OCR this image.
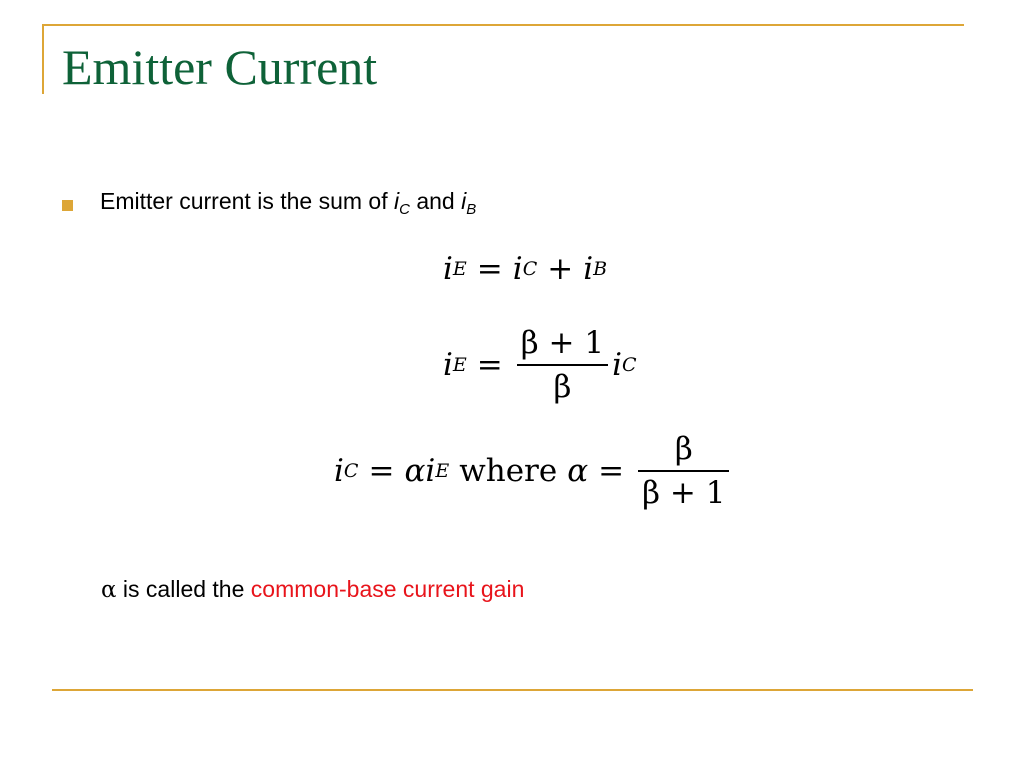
Emitter Current
Emitter current is the sum of $i_C$ and $i_B$
i E = i C + i B
i $E = \frac{\beta + 1}{\beta}$ i C
i C = αi E where $\alpha = \frac{\beta}{\beta + 1}$
α is called the common-base current gain
